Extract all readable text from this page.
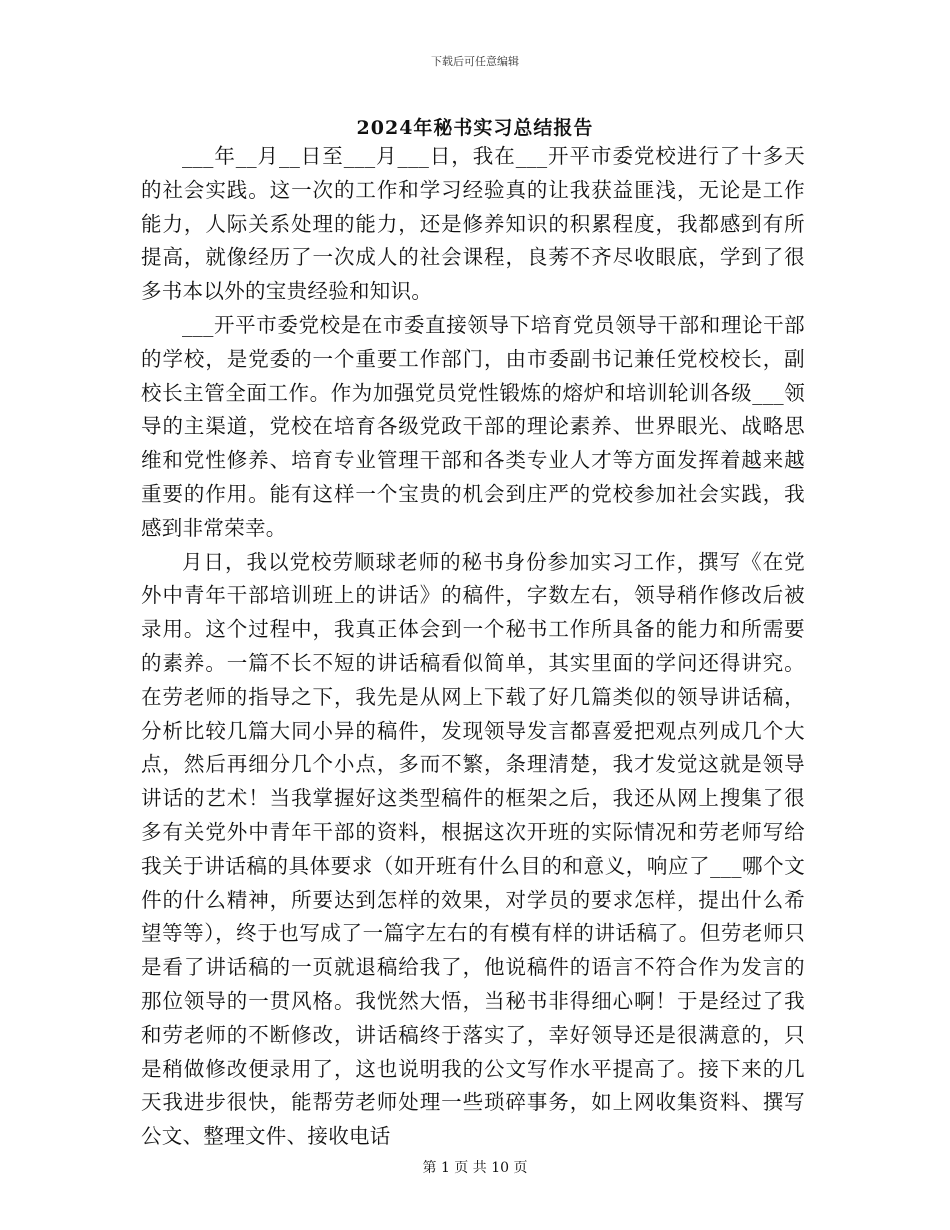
下载后可任意编辑
2024年秘书实习总结报告

___年__月__日至___月___日，我在___开平市委党校进行了十多天的社会实践。这一次的工作和学习经验真的让我获益匪浅，无论是工作能力，人际关系处理的能力，还是修养知识的积累程度，我都感到有所提高，就像经历了一次成人的社会课程，良莠不齐尽收眼底，学到了很多书本以外的宝贵经验和知识。

___开平市委党校是在市委直接领导下培育党员领导干部和理论干部的学校，是党委的一个重要工作部门，由市委副书记兼任党校校长，副校长主管全面工作。作为加强党员党性锻炼的熔炉和培训轮训各级___领导的主渠道，党校在培育各级党政干部的理论素养、世界眼光、战略思维和党性修养、培育专业管理干部和各类专业人才等方面发挥着越来越重要的作用。能有这样一个宝贵的机会到庄严的党校参加社会实践，我感到非常荣幸。

月日，我以党校劳顺球老师的秘书身份参加实习工作，撰写《在党外中青年干部培训班上的讲话》的稿件，字数左右，领导稍作修改后被录用。这个过程中，我真正体会到一个秘书工作所具备的能力和所需要的素养。一篇不长不短的讲话稿看似简单，其实里面的学问还得讲究。在劳老师的指导之下，我先是从网上下载了好几篇类似的领导讲话稿，分析比较几篇大同小异的稿件，发现领导发言都喜爱把观点列成几个大点，然后再细分几个小点，多而不繁，条理清楚，我才发觉这就是领导讲话的艺术！当我掌握好这类型稿件的框架之后，我还从网上搜集了很多有关党外中青年干部的资料，根据这次开班的实际情况和劳老师写给我关于讲话稿的具体要求（如开班有什么目的和意义，响应了___哪个文件的什么精神，所要达到怎样的效果，对学员的要求怎样，提出什么希望等等），终于也写成了一篇字左右的有模有样的讲话稿了。但劳老师只是看了讲话稿的一页就退稿给我了，他说稿件的语言不符合作为发言的那位领导的一贯风格。我恍然大悟，当秘书非得细心啊！于是经过了我和劳老师的不断修改，讲话稿终于落实了，幸好领导还是很满意的，只是稍做修改便录用了，这也说明我的公文写作水平提高了。接下来的几天我进步很快，能帮劳老师处理一些琐碎事务，如上网收集资料、撰写公文、整理文件、接收电话

第 1 页 共 10 页
